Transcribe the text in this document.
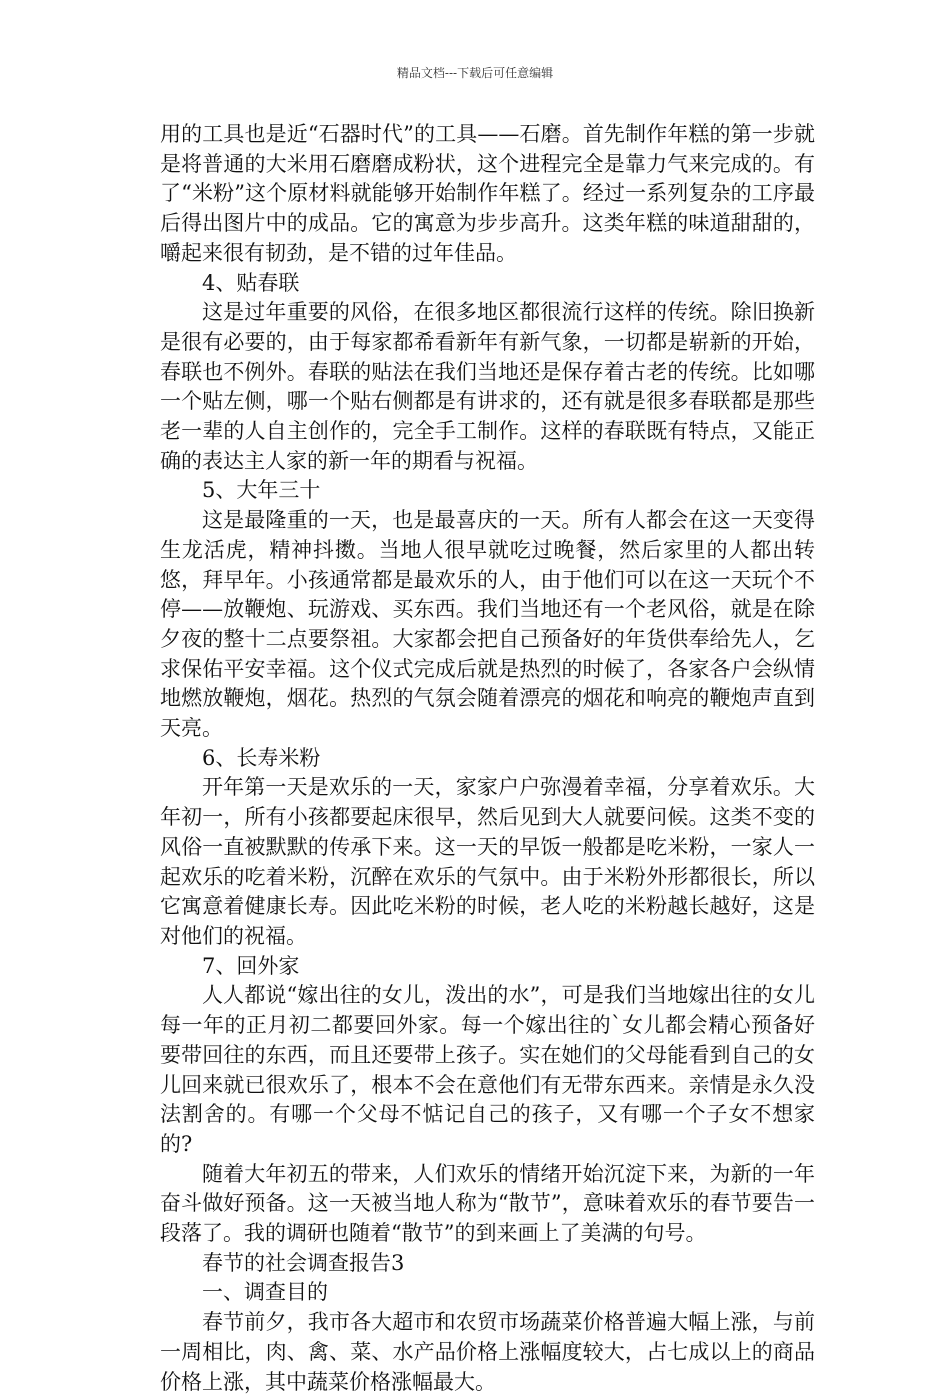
精品文档---下载后可任意编辑

用的工具也是近“石器时代”的工具——石磨。首先制作年糕的第一步就是将普通的大米用石磨磨成粉状，这个进程完全是靠力气来完成的。有了“米粉”这个原材料就能够开始制作年糕了。经过一系列复杂的工序最后得出图片中的成品。它的寓意为步步高升。这类年糕的味道甜甜的，嚼起来很有韧劲，是不错的过年佳品。

4、贴春联

这是过年重要的风俗，在很多地区都很流行这样的传统。除旧换新是很有必要的，由于每家都希看新年有新气象，一切都是崭新的开始，春联也不例外。春联的贴法在我们当地还是保存着古老的传统。比如哪一个贴左侧，哪一个贴右侧都是有讲求的，还有就是很多春联都是那些老一辈的人自主创作的，完全手工制作。这样的春联既有特点，又能正确的表达主人家的新一年的期看与祝福。

5、大年三十

这是最隆重的一天，也是最喜庆的一天。所有人都会在这一天变得生龙活虎，精神抖擞。当地人很早就吃过晚餐，然后家里的人都出转悠，拜早年。小孩通常都是最欢乐的人，由于他们可以在这一天玩个不停——放鞭炮、玩游戏、买东西。我们当地还有一个老风俗，就是在除夕夜的整十二点要祭祖。大家都会把自己预备好的年货供奉给先人，乞求保佑平安幸福。这个仪式完成后就是热烈的时候了，各家各户会纵情地燃放鞭炮，烟花。热烈的气氛会随着漂亮的烟花和响亮的鞭炮声直到天亮。

6、长寿米粉

开年第一天是欢乐的一天，家家户户弥漫着幸福，分享着欢乐。大年初一，所有小孩都要起床很早，然后见到大人就要问候。这类不变的风俗一直被默默的传承下来。这一天的早饭一般都是吃米粉，一家人一起欢乐的吃着米粉，沉醉在欢乐的气氛中。由于米粉外形都很长，所以它寓意着健康长寿。因此吃米粉的时候，老人吃的米粉越长越好，这是对他们的祝福。

7、回外家

人人都说“嫁出往的女儿，泼出的水”，可是我们当地嫁出往的女儿每一年的正月初二都要回外家。每一个嫁出往的`女儿都会精心预备好要带回往的东西，而且还要带上孩子。实在她们的父母能看到自己的女儿回来就已很欢乐了，根本不会在意他们有无带东西来。亲情是永久没法割舍的。有哪一个父母不惦记自己的孩子，又有哪一个子女不想家的?

随着大年初五的带来，人们欢乐的情绪开始沉淀下来，为新的一年奋斗做好预备。这一天被当地人称为“散节”，意味着欢乐的春节要告一段落了。我的调研也随着“散节”的到来画上了美满的句号。

春节的社会调查报告3

一、调查目的

春节前夕，我市各大超市和农贸市场蔬菜价格普遍大幅上涨，与前一周相比，肉、禽、菜、水产品价格上涨幅度较大，占七成以上的商品价格上涨，其中蔬菜价格涨幅最大。
